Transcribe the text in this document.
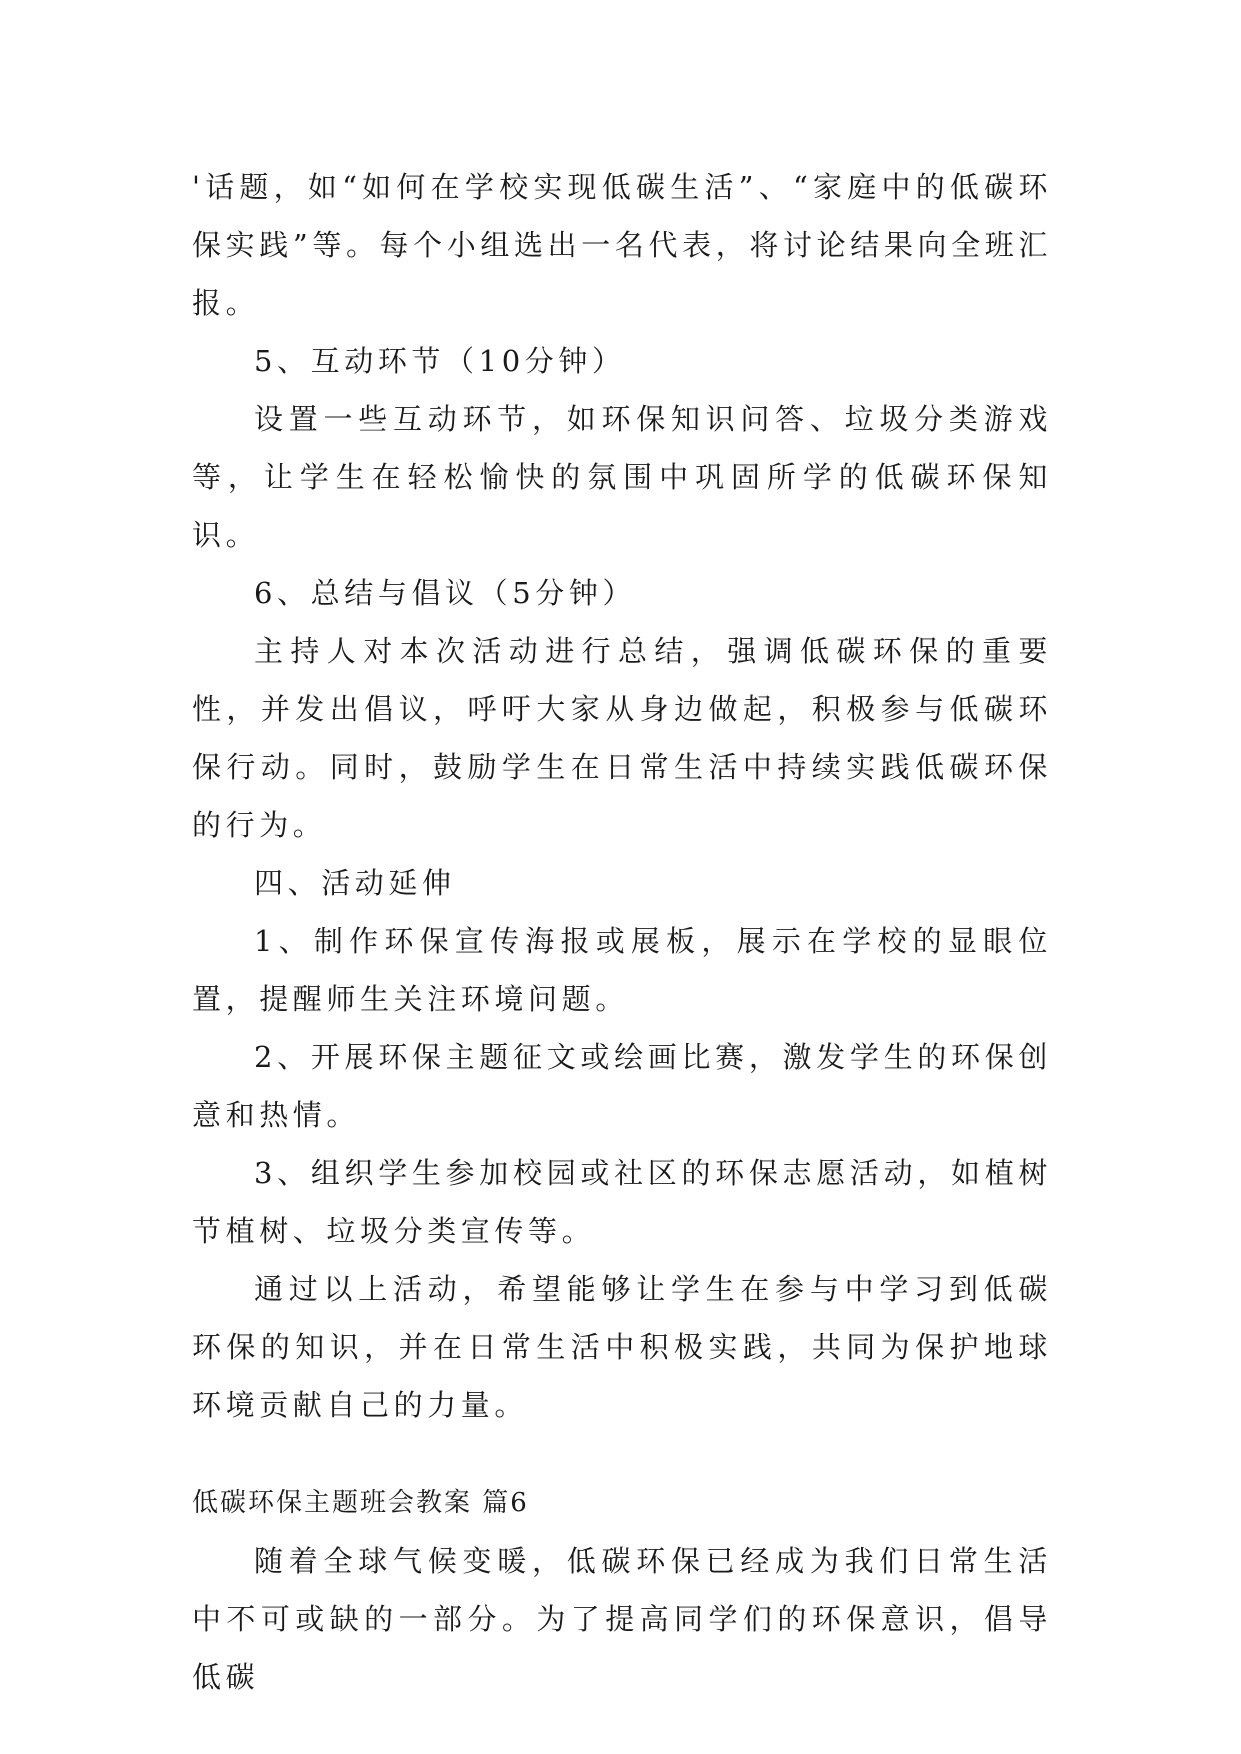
'话题，如“如何在学校实现低碳生活”、“家庭中的低碳环保实践”等。每个小组选出一名代表，将讨论结果向全班汇报。

5、互动环节（10分钟）

设置一些互动环节，如环保知识问答、垃圾分类游戏等，让学生在轻松愉快的氛围中巩固所学的低碳环保知识。

6、总结与倡议（5分钟）

主持人对本次活动进行总结，强调低碳环保的重要性，并发出倡议，呼吁大家从身边做起，积极参与低碳环保行动。同时，鼓励学生在日常生活中持续实践低碳环保的行为。

四、活动延伸

1、制作环保宣传海报或展板，展示在学校的显眼位置，提醒师生关注环境问题。

2、开展环保主题征文或绘画比赛，激发学生的环保创意和热情。

3、组织学生参加校园或社区的环保志愿活动，如植树节植树、垃圾分类宣传等。

通过以上活动，希望能够让学生在参与中学习到低碳环保的知识，并在日常生活中积极实践，共同为保护地球环境贡献自己的力量。

低碳环保主题班会教案 篇6

随着全球气候变暖，低碳环保已经成为我们日常生活中不可或缺的一部分。为了提高同学们的环保意识，倡导低碳
